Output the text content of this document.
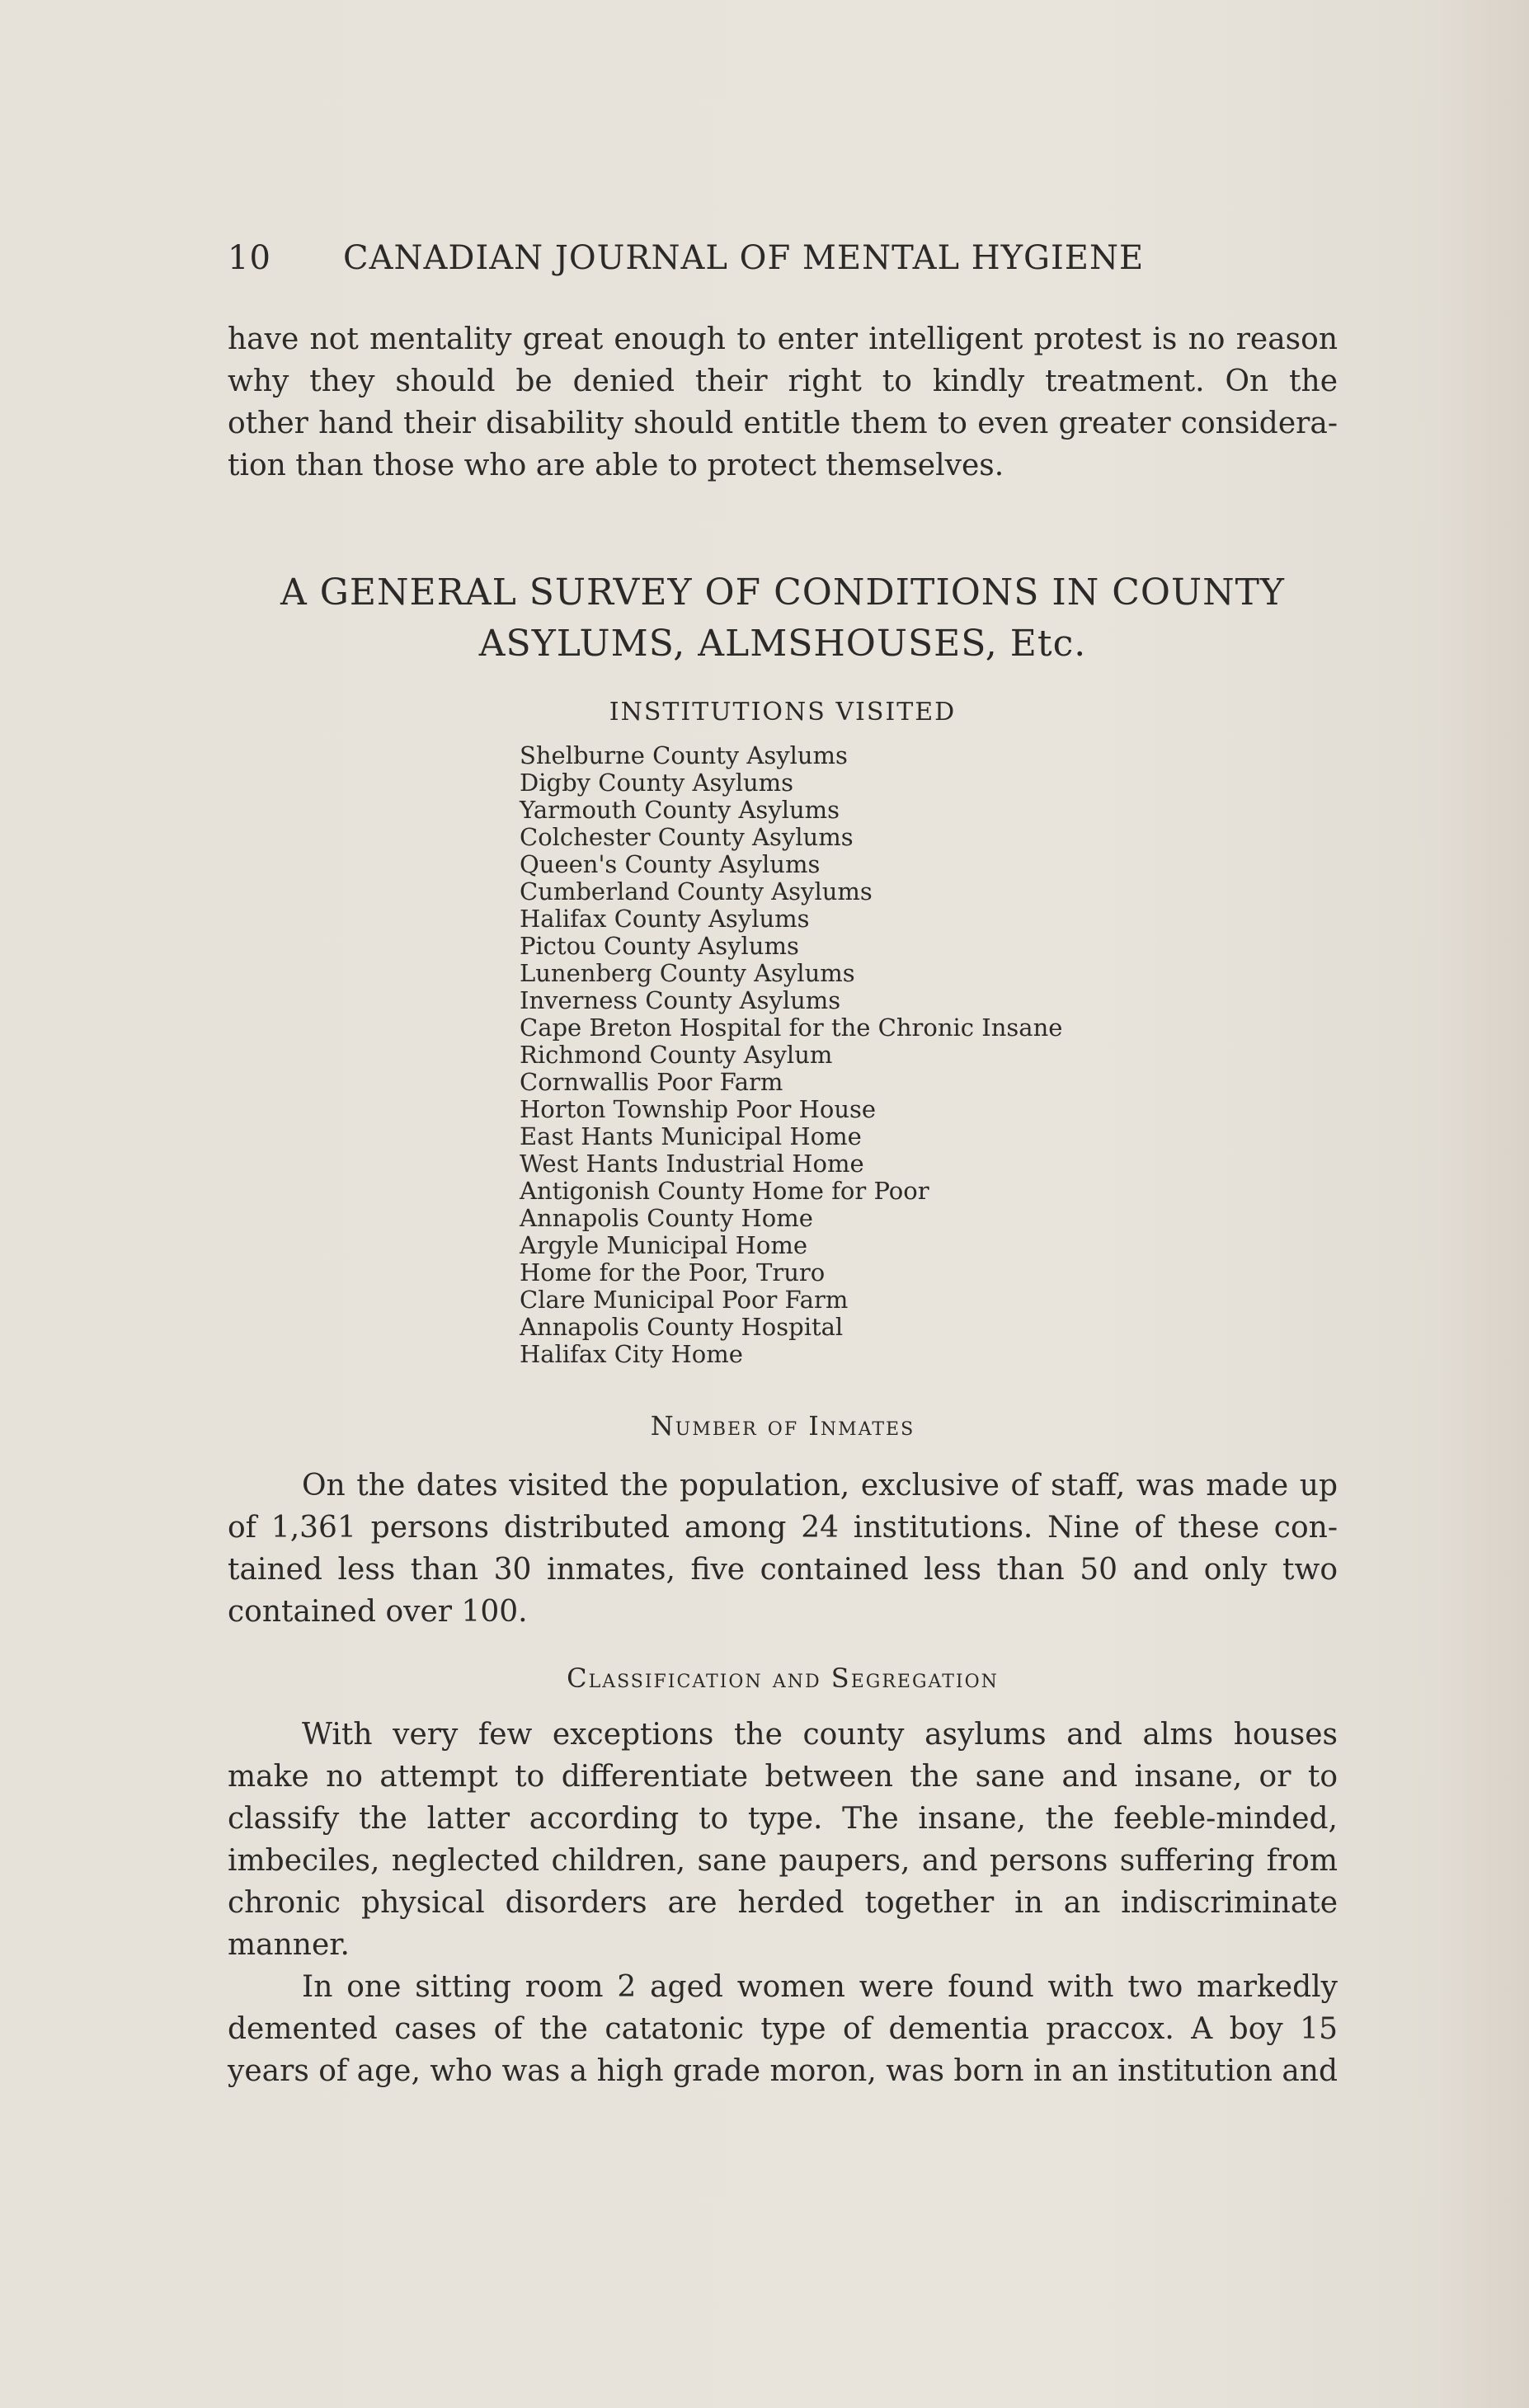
10 CANADIAN JOURNAL OF MENTAL HYGIENE

have not mentality great enough to enter intelligent protest is no reason
why they should be denied their right to kindly treatment. On the
other hand their disability should entitle them to even greater considera-
tion than those who are able to protect themselves.

A GENERAL SURVEY OF CONDITIONS IN COUNTY
ASYLUMS, ALMSHOUSES, Etc.
INSTITUTIONS VISITED
Shelburne County Asylums
Digby County Asylums
Yarmouth County Asylums
Colchester County Asylums
Queen's County Asylums
Cumberland County Asylums
Halifax County Asylums
Pictou County Asylums
Lunenberg County Asylums
Inverness County Asylums
Cape Breton Hospital for the Chronic Insane
Richmond County Asylum
Cornwallis Poor Farm
Horton Township Poor House
East Hants Municipal Home
West Hants Industrial Home
Antigonish County Home for Poor
Annapolis County Home
Argyle Municipal Home
Home for the Poor, Truro
Clare Municipal Poor Farm
Annapolis County Hospital
Halifax City Home
Number of Inmates

On the dates visited the population, exclusive of staff, was made up
of 1,361 persons distributed among 24 institutions. Nine of these con-
tained less than 30 inmates, five contained less than 50 and only two
contained over 100.

Classification and Segregation

With very few exceptions the county asylums and alms houses
make no attempt to differentiate between the sane and insane, or to
classify the latter according to type. The insane, the feeble-minded,
imbeciles, neglected children, sane paupers, and persons suffering from
chronic physical disorders are herded together in an indiscriminate
manner.

In one sitting room 2 aged women were found with two markedly
demented cases of the catatonic type of dementia praccox. A boy 15
years of age, who was a high grade moron, was born in an institution and
